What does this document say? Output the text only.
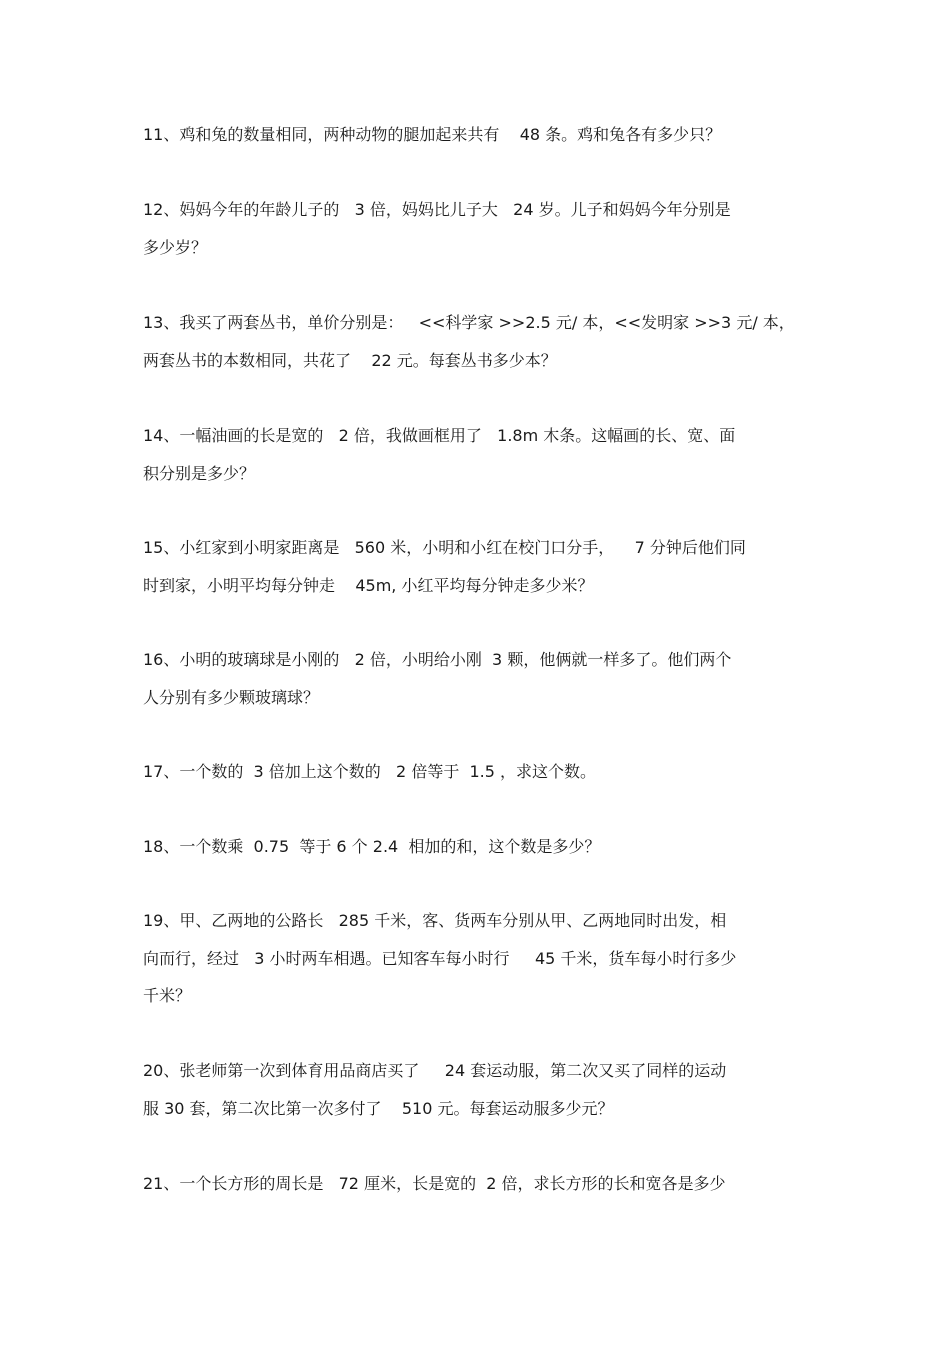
11、鸡和兔的数量相同，两种动物的腿加起来共有    48 条。鸡和兔各有多少只？
12、妈妈今年的年龄儿子的   3 倍，妈妈比儿子大   24 岁。儿子和妈妈今年分别是
多少岁？
13、我买了两套丛书，单价分别是：   <<科学家 >>2.5 元/ 本，<<发明家 >>3 元/ 本，
两套丛书的本数相同，共花了    22 元。每套丛书多少本？
14、一幅油画的长是宽的   2 倍，我做画框用了   1.8m 木条。这幅画的长、宽、面
积分别是多少？
15、小红家到小明家距离是   560 米，小明和小红在校门口分手，    7 分钟后他们同
时到家，小明平均每分钟走    45m, 小红平均每分钟走多少米？
16、小明的玻璃球是小刚的   2 倍，小明给小刚  3 颗，他俩就一样多了。他们两个
人分别有多少颗玻璃球？
17、一个数的  3 倍加上这个数的   2 倍等于  1.5 ，求这个数。
18、一个数乘  0.75  等于 6 个 2.4  相加的和，这个数是多少？
19、甲、乙两地的公路长   285 千米，客、货两车分别从甲、乙两地同时出发，相
向而行，经过   3 小时两车相遇。已知客车每小时行     45 千米，货车每小时行多少
千米？
20、张老师第一次到体育用品商店买了     24 套运动服，第二次又买了同样的运动
服 30 套，第二次比第一次多付了    510 元。每套运动服多少元？
21、一个长方形的周长是   72 厘米，长是宽的  2 倍，求长方形的长和宽各是多少
